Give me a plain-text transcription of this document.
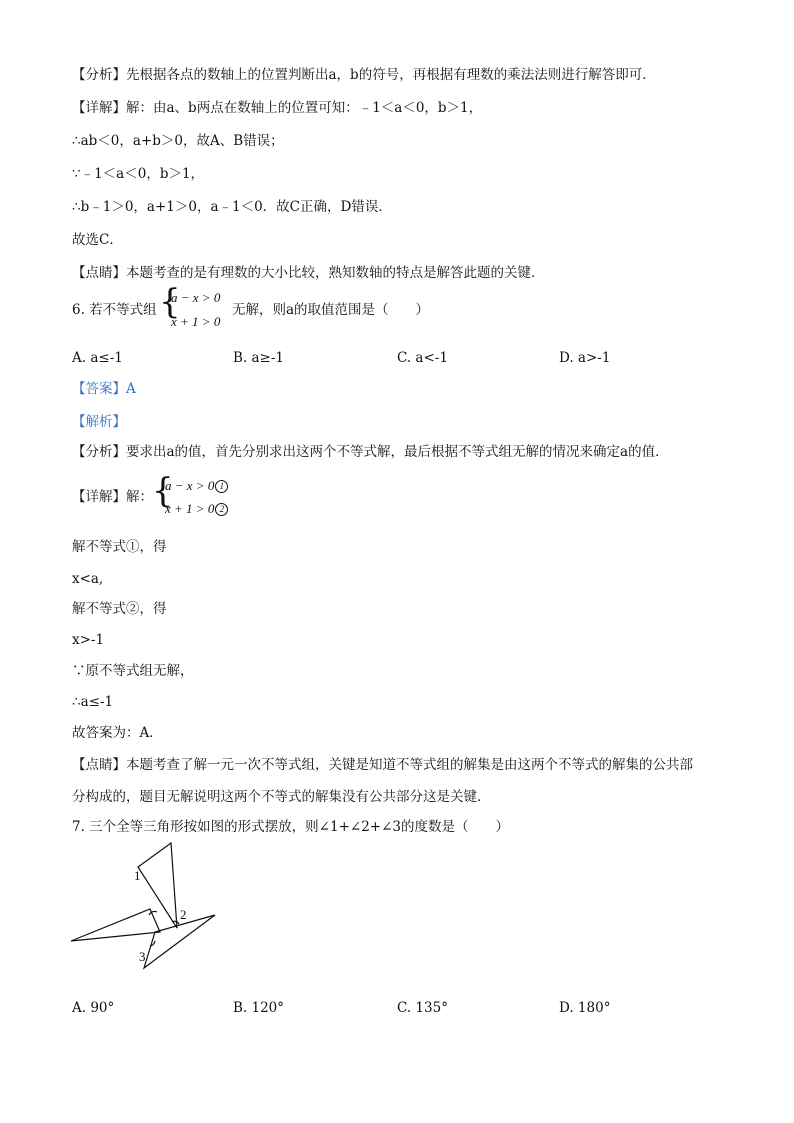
【分析】先根据各点的数轴上的位置判断出a，b的符号，再根据有理数的乘法法则进行解答即可．
【详解】解：由a、b两点在数轴上的位置可知：﹣1＜a＜0，b＞1，
∴ab＜0，a+b＞0，故A、B错误；
∵﹣1＜a＜0，b＞1，
∴b﹣1＞0，a+1＞0，a﹣1＜0．故C正确，D错误．
故选C．
【点睛】本题考查的是有理数的大小比较，熟知数轴的特点是解答此题的关键．
6. 若不等式组 {
a − x > 0
x + 1 > 0
无解，则a的取值范围是（　　）
A. a≤-1	B. a≥-1	C. a<-1	D. a>-1
【答案】A
【解析】
【分析】要求出a的值，首先分别求出这两个不等式解，最后根据不等式组无解的情况来确定a的值．
【详解】解： {
a − x > 0 1
x + 1 > 0 2
解不等式①，得
x<a,
解不等式②，得
x>-1
∵原不等式组无解，
∴a≤-1
故答案为：A．
【点睛】本题考查了解一元一次不等式组，关键是知道不等式组的解集是由这两个不等式的解集的公共部
分构成的，题目无解说明这两个不等式的解集没有公共部分这是关键．
7. 三个全等三角形按如图的形式摆放，则∠1+∠2+∠3的度数是（　　）
1
2
3
A. 90°	B. 120°	C. 135°	D. 180°
